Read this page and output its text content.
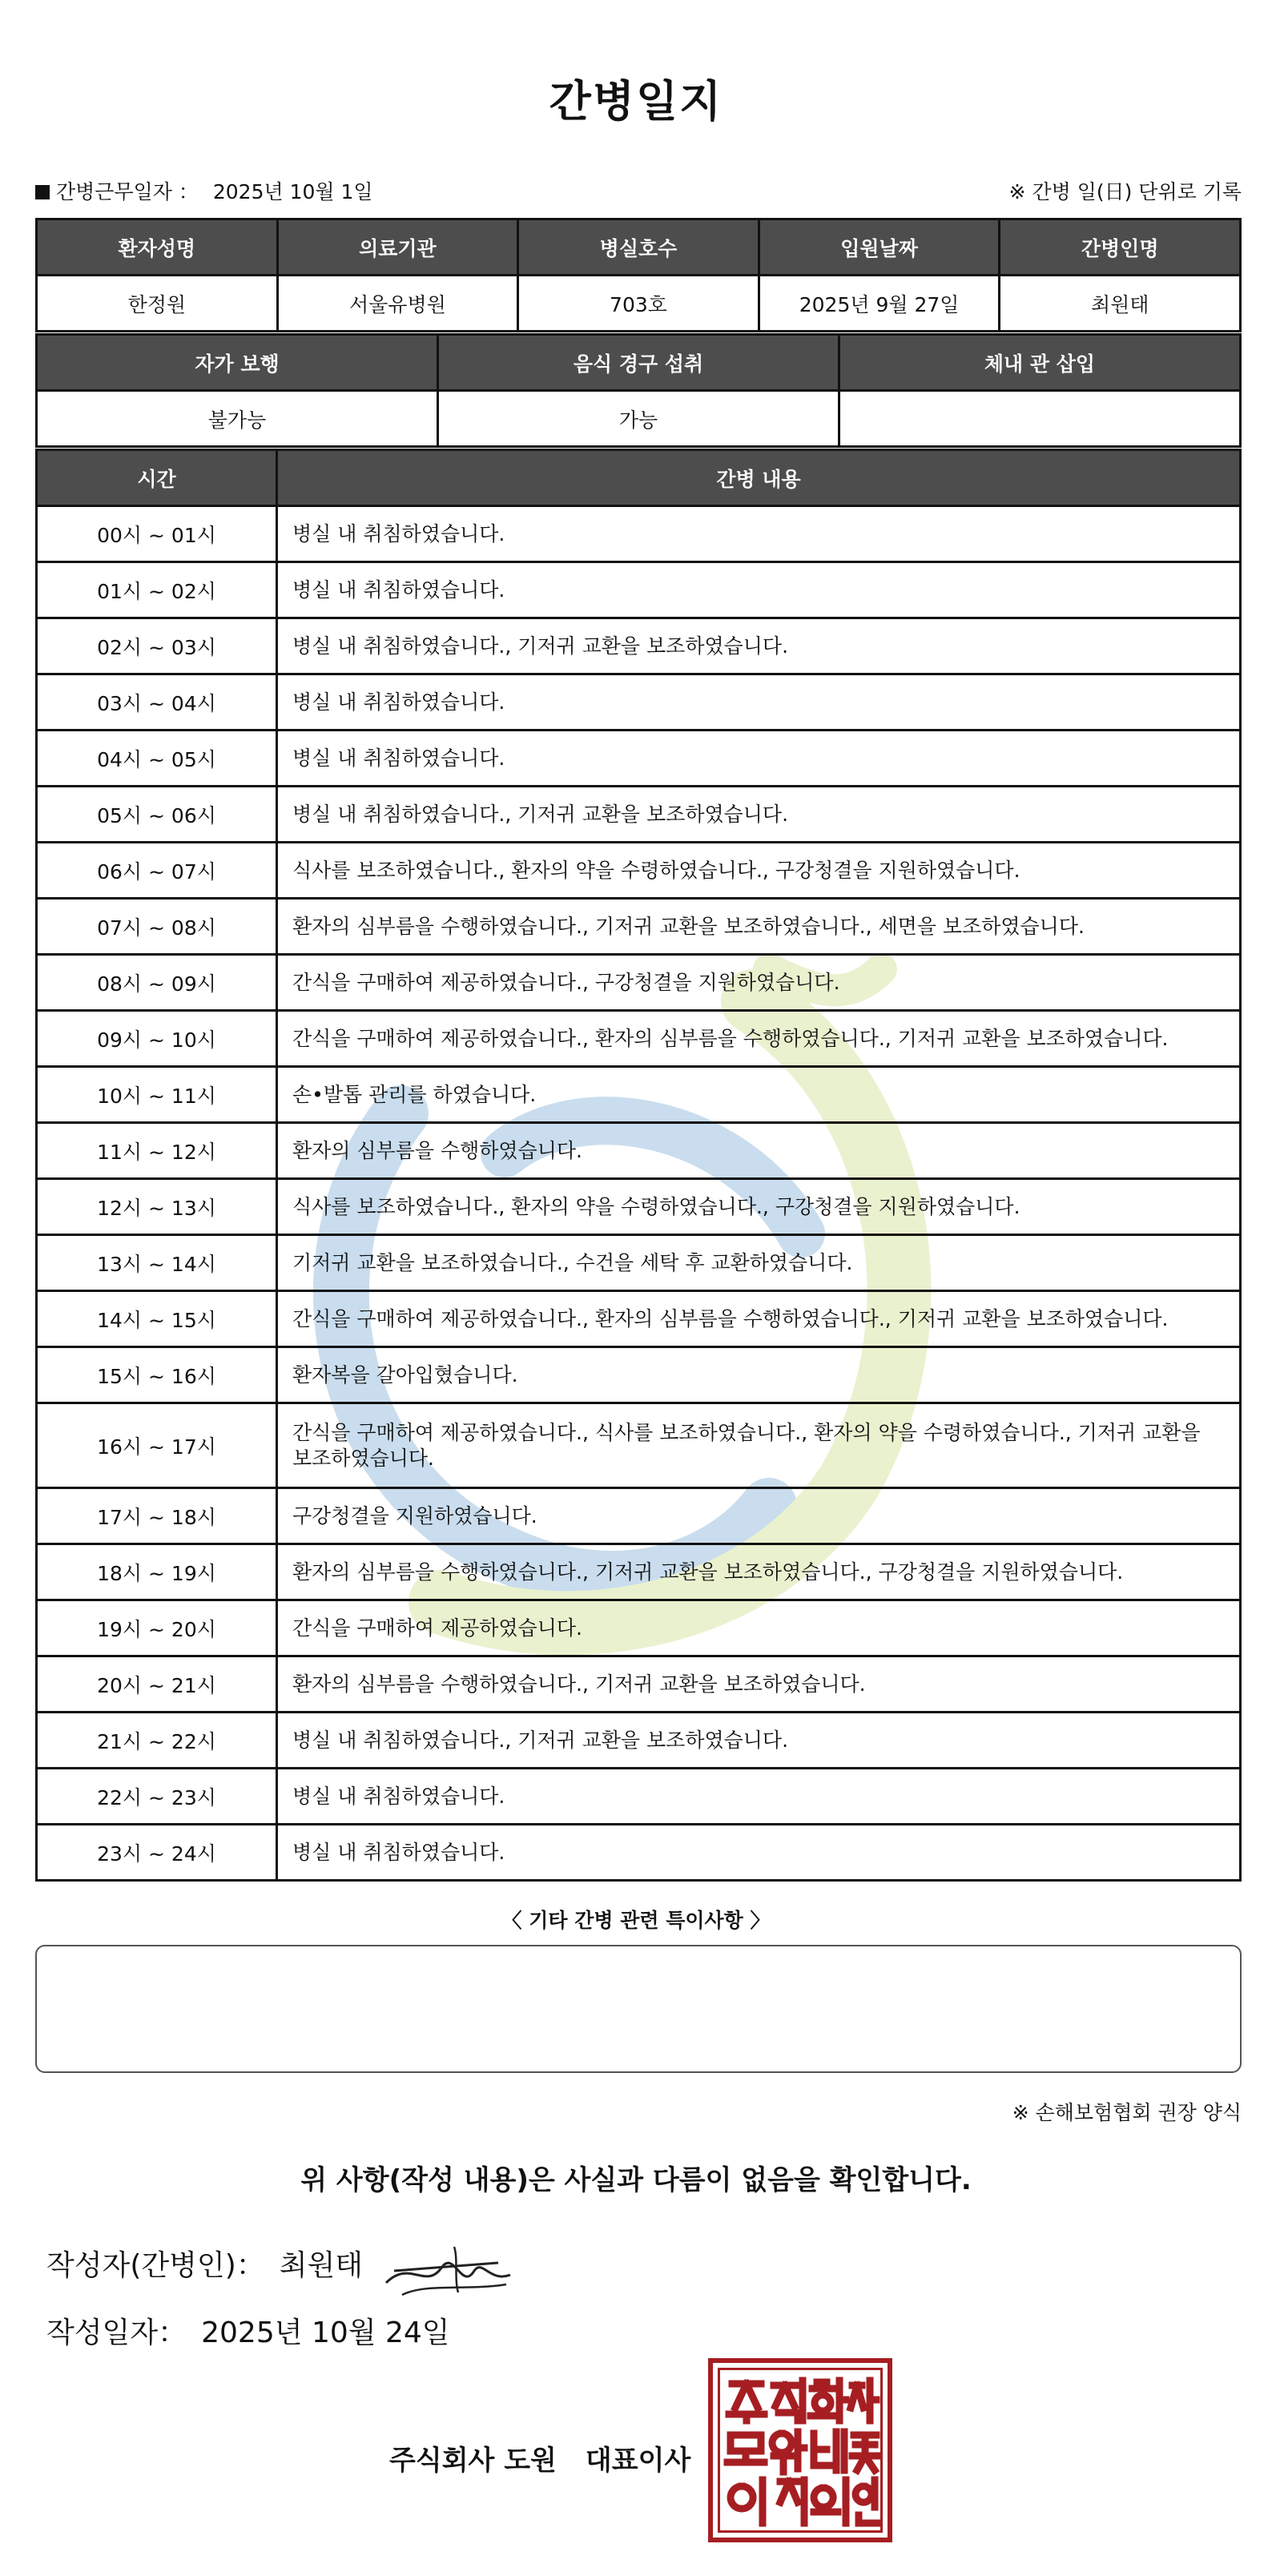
간병일지
간병근무일자 ： 2025년 10월 1일	※ 간병 일(日) 단위로 기록
환자성명	의료기관	병실호수	입원날짜	간병인명
한정원	서울유병원	703호	2025년 9월 27일	최원태
자가 보행	음식 경구 섭취	체내 관 삽입
불가능	가능	
시간	간병 내용
00시 ~ 01시	병실 내 취침하였습니다.
01시 ~ 02시	병실 내 취침하였습니다.
02시 ~ 03시	병실 내 취침하였습니다., 기저귀 교환을 보조하였습니다.
03시 ~ 04시	병실 내 취침하였습니다.
04시 ~ 05시	병실 내 취침하였습니다.
05시 ~ 06시	병실 내 취침하였습니다., 기저귀 교환을 보조하였습니다.
06시 ~ 07시	식사를 보조하였습니다., 환자의 약을 수령하였습니다., 구강청결을 지원하였습니다.
07시 ~ 08시	환자의 심부름을 수행하였습니다., 기저귀 교환을 보조하였습니다., 세면을 보조하였습니다.
08시 ~ 09시	간식을 구매하여 제공하였습니다., 구강청결을 지원하였습니다.
09시 ~ 10시	간식을 구매하여 제공하였습니다., 환자의 심부름을 수행하였습니다., 기저귀 교환을 보조하였습니다.
10시 ~ 11시	손•발톱 관리를 하였습니다.
11시 ~ 12시	환자의 심부름을 수행하였습니다.
12시 ~ 13시	식사를 보조하였습니다., 환자의 약을 수령하였습니다., 구강청결을 지원하였습니다.
13시 ~ 14시	기저귀 교환을 보조하였습니다., 수건을 세탁 후 교환하였습니다.
14시 ~ 15시	간식을 구매하여 제공하였습니다., 환자의 심부름을 수행하였습니다., 기저귀 교환을 보조하였습니다.
15시 ~ 16시	환자복을 갈아입혔습니다.
16시 ~ 17시	간식을 구매하여 제공하였습니다., 식사를 보조하였습니다., 환자의 약을 수령하였습니다., 기저귀 교환을 보조하였습니다.
17시 ~ 18시	구강청결을 지원하였습니다.
18시 ~ 19시	환자의 심부름을 수행하였습니다., 기저귀 교환을 보조하였습니다., 구강청결을 지원하였습니다.
19시 ~ 20시	간식을 구매하여 제공하였습니다.
20시 ~ 21시	환자의 심부름을 수행하였습니다., 기저귀 교환을 보조하였습니다.
21시 ~ 22시	병실 내 취침하였습니다., 기저귀 교환을 보조하였습니다.
22시 ~ 23시	병실 내 취침하였습니다.
23시 ~ 24시	병실 내 취침하였습니다.
〈 기타 간병 관련 특이사항 〉
※ 손해보험협회 권장 양식
위 사항(작성 내용)은 사실과 다름이 없음을 확인합니다.
작성자(간병인)： 최원태
작성일자： 2025년 10월 24일
주식회사 도원 대표이사
